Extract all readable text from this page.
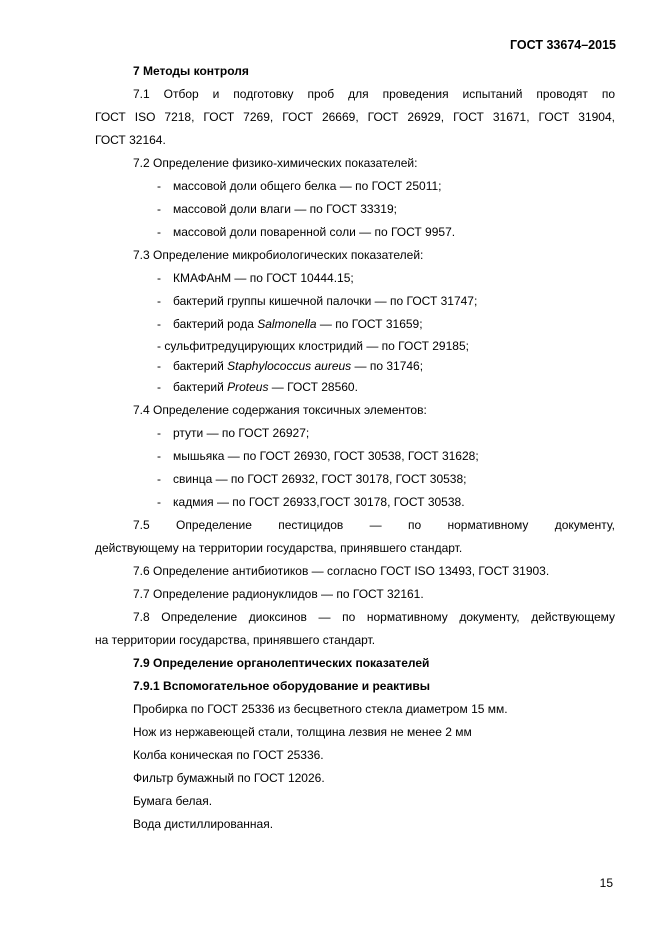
ГОСТ 33674–2015
7 Методы контроля
7.1 Отбор и подготовку проб для проведения испытаний проводят по
ГОСТ ISO 7218, ГОСТ 7269, ГОСТ 26669, ГОСТ 26929, ГОСТ 31671, ГОСТ 31904,
ГОСТ 32164.
7.2 Определение физико-химических показателей:
- массовой доли общего белка — по ГОСТ 25011;
- массовой доли влаги — по ГОСТ 33319;
- массовой доли поваренной соли — по ГОСТ 9957.
7.3 Определение микробиологических показателей:
- КМАФАнМ — по ГОСТ 10444.15;
- бактерий группы кишечной палочки — по ГОСТ 31747;
- бактерий рода Salmonella — по ГОСТ 31659;
- сульфитредуцирующих клостридий — по ГОСТ 29185;
- бактерий Staphylococcus aureus — по 31746;
- бактерий Proteus — ГОСТ 28560.
7.4 Определение содержания токсичных элементов:
- ртути — по ГОСТ 26927;
- мышьяка — по ГОСТ 26930, ГОСТ 30538, ГОСТ 31628;
- свинца — по ГОСТ 26932, ГОСТ 30178, ГОСТ 30538;
- кадмия — по ГОСТ 26933,ГОСТ 30178, ГОСТ 30538.
7.5 Определение пестицидов — по нормативному документу,
действующему на территории государства, принявшего стандарт.
7.6 Определение антибиотиков — согласно ГОСТ ISO 13493, ГОСТ 31903.
7.7 Определение радионуклидов — по ГОСТ 32161.
7.8 Определение диоксинов — по нормативному документу, действующему
на территории государства, принявшего стандарт.
7.9 Определение органолептических показателей
7.9.1 Вспомогательное оборудование и реактивы
Пробирка по ГОСТ 25336 из бесцветного стекла диаметром 15 мм.
Нож из нержавеющей стали, толщина лезвия не менее 2 мм
Колба коническая по ГОСТ 25336.
Фильтр бумажный по ГОСТ 12026.
Бумага белая.
Вода дистиллированная.
15
